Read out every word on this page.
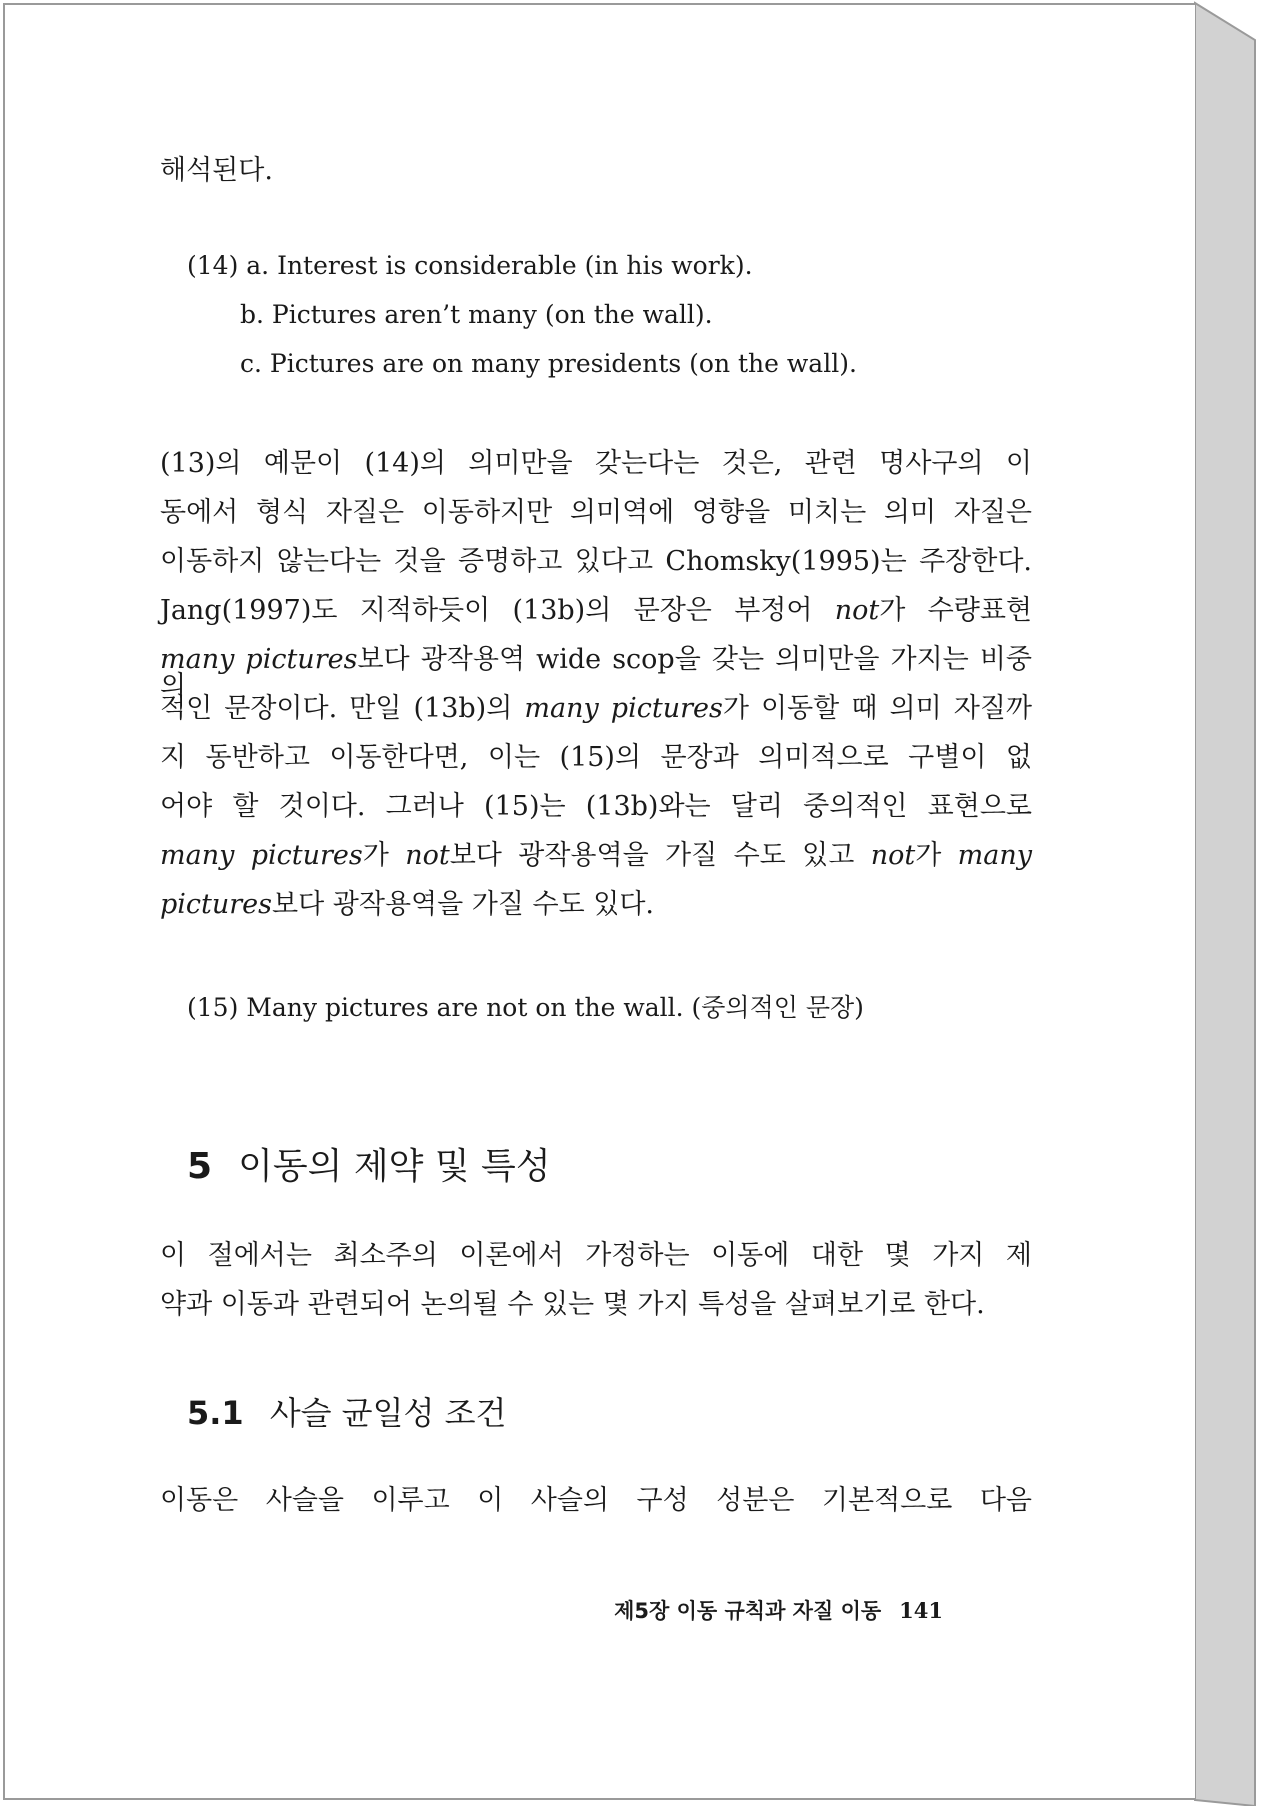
해석된다.
(14) a. Interest is considerable (in his work).
b. Pictures aren’t many (on the wall).
c. Pictures are on many presidents (on the wall).
(13)의 예문이 (14)의 의미만을 갖는다는 것은, 관련 명사구의 이
동에서 형식 자질은 이동하지만 의미역에 영향을 미치는 의미 자질은
이동하지 않는다는 것을 증명하고 있다고 Chomsky(1995)는 주장한다.
Jang(1997)도 지적하듯이 (13b)의 문장은 부정어 not가 수량표현
many pictures보다 광작용역 wide scop을 갖는 의미만을 가지는 비중의
적인 문장이다. 만일 (13b)의 many pictures가 이동할 때 의미 자질까
지 동반하고 이동한다면, 이는 (15)의 문장과 의미적으로 구별이 없
어야 할 것이다. 그러나 (15)는 (13b)와는 달리 중의적인 표현으로
many pictures가 not보다 광작용역을 가질 수도 있고 not가 many
pictures보다 광작용역을 가질 수도 있다.
(15) Many pictures are not on the wall. (중의적인 문장)
5 이동의 제약 및 특성
이 절에서는 최소주의 이론에서 가정하는 이동에 대한 몇 가지 제
약과 이동과 관련되어 논의될 수 있는 몇 가지 특성을 살펴보기로 한다.
5.1 사슬 균일성 조건
이동은 사슬을 이루고 이 사슬의 구성 성분은 기본적으로 다음
제5장 이동 규칙과 자질 이동 141
